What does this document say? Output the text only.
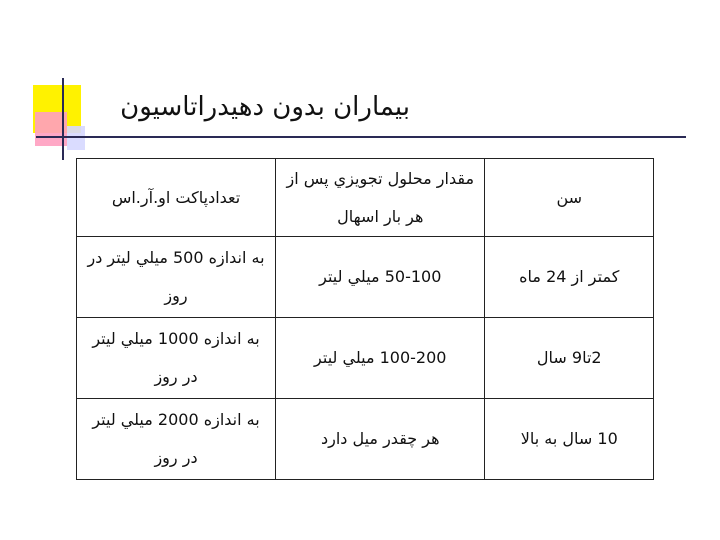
بيماران بدون دهيدراتاسيون
سن	مقدار محلول تجويزي پس از هر بار اسهال	تعدادپاكت او.آر.اس
كمتر از 24 ماه	50-100 ميلي ليتر	به اندازه 500 ميلي ليتر در روز
2تا9 سال	100-200 ميلي ليتر	به اندازه 1000 ميلي ليتر در روز
10 سال به بالا	هر چقدر ميل دارد	به اندازه 2000 ميلي ليتر در روز
